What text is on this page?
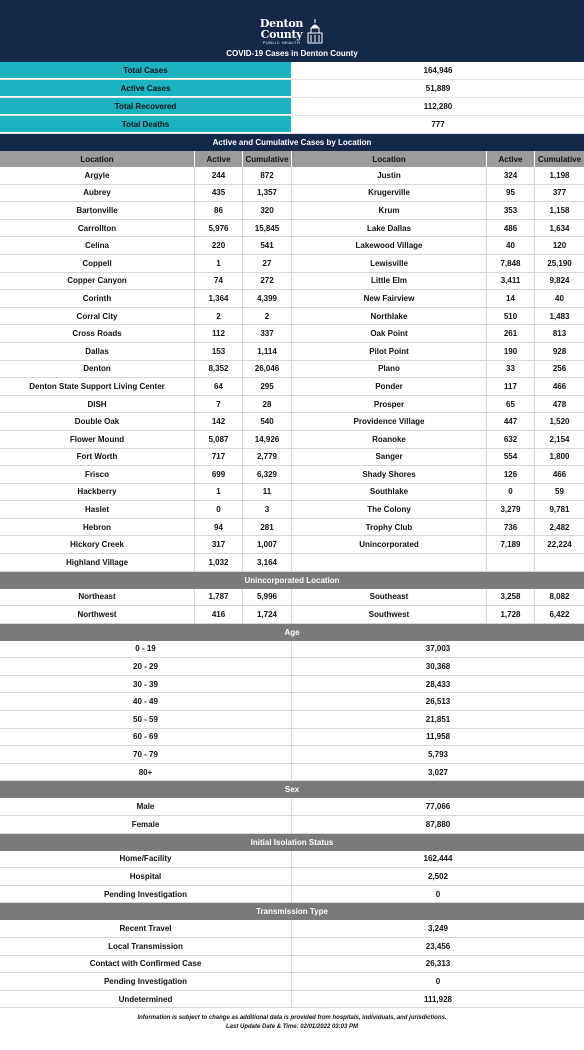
Denton
County
PUBLIC HEALTH
COVID-19 Cases in Denton County
Total Cases	164,946
Active Cases	51,889
Total Recovered	112,280
Total Deaths	777
Active and Cumulative Cases by Location
Location	Active	Cumulative	Location	Active	Cumulative
Argyle	244	872	Justin	324	1,198
Aubrey	435	1,357	Krugerville	95	377
Bartonville	86	320	Krum	353	1,158
Carrollton	5,976	15,845	Lake Dallas	486	1,634
Celina	220	541	Lakewood Village	40	120
Coppell	1	27	Lewisville	7,848	25,190
Copper Canyon	74	272	Little Elm	3,411	9,824
Corinth	1,364	4,399	New Fairview	14	40
Corral City	2	2	Northlake	510	1,483
Cross Roads	112	337	Oak Point	261	813
Dallas	153	1,114	Pilot Point	190	928
Denton	8,352	26,046	Plano	33	256
Denton State Support Living Center	64	295	Ponder	117	466
DISH	7	28	Prosper	65	478
Double Oak	142	540	Providence Village	447	1,520
Flower Mound	5,087	14,926	Roanoke	632	2,154
Fort Worth	717	2,779	Sanger	554	1,800
Frisco	699	6,329	Shady Shores	126	466
Hackberry	1	11	Southlake	0	59
Haslet	0	3	The Colony	3,279	9,781
Hebron	94	281	Trophy Club	736	2,482
Hickory Creek	317	1,007	Unincorporated	7,189	22,224
Highland Village	1,032	3,164
Unincorporated Location
Northeast	1,787	5,996	Southeast	3,258	8,082
Northwest	416	1,724	Southwest	1,728	6,422
Age
0 - 19	37,003
20 - 29	30,368
30 - 39	28,433
40 - 49	26,513
50 - 59	21,851
60 - 69	11,958
70 - 79	5,793
80+	3,027
Sex
Male	77,066
Female	87,880
Initial Isolation Status
Home/Facility	162,444
Hospital	2,502
Pending Investigation	0
Transmission Type
Recent Travel	3,249
Local Transmission	23,456
Contact with Confirmed Case	26,313
Pending Investigation	0
Undetermined	111,928
Information is subject to change as additional data is provided from hospitals, individuals, and jurisdictions.
Last Update Date & Time: 02/01/2022 03:03 PM
